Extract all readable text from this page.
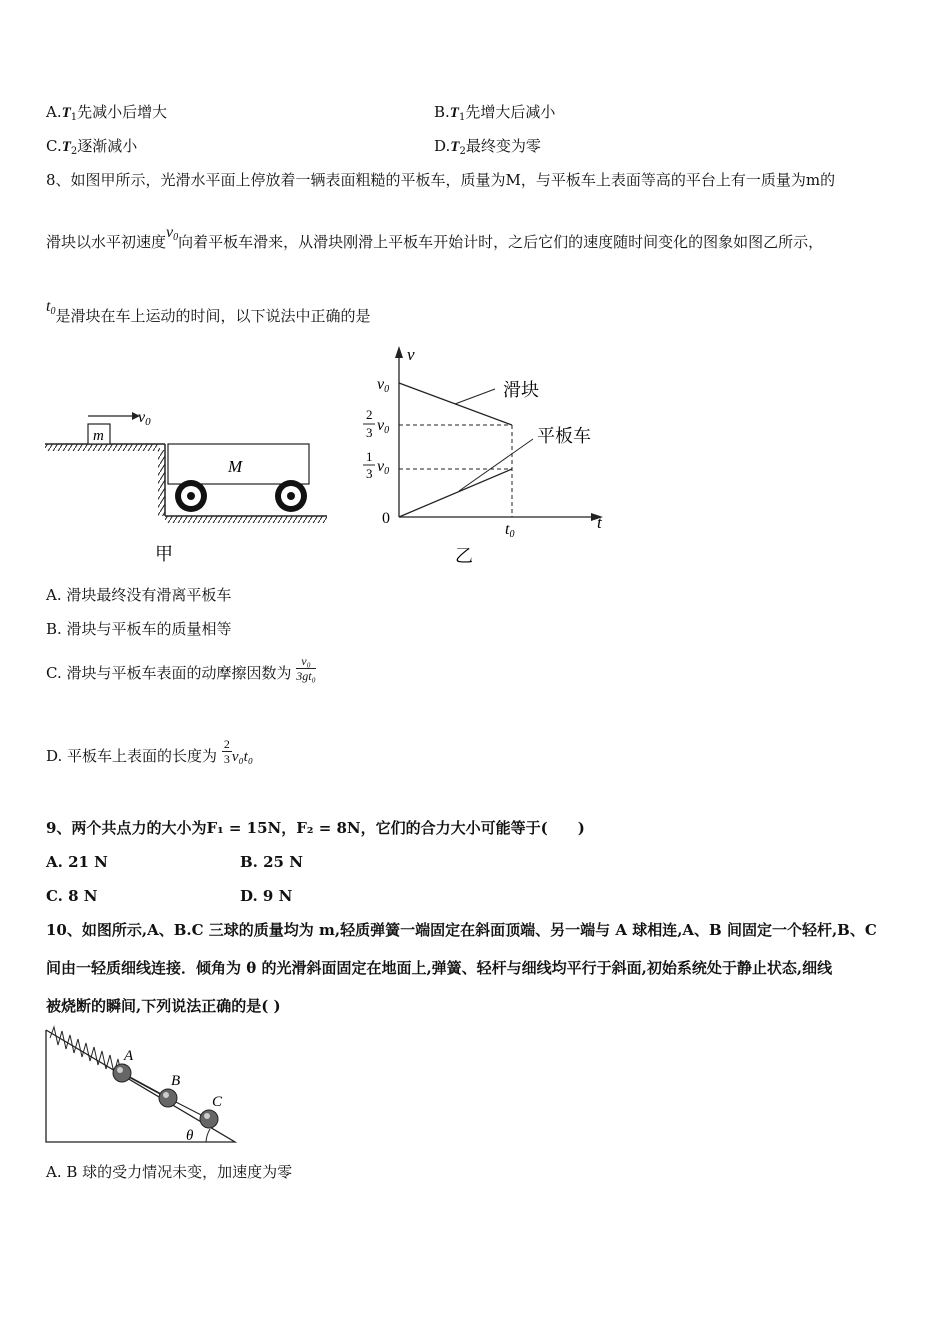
$A.T_1$先减小后增大	$B.T_1$先增大后减小
$C.T_2$逐渐减小	$D.T_2$最终变为零
8、如图甲所示，光滑水平面上停放着一辆表面粗糙的平板车，质量为M，与平板车上表面等高的平台上有一质量为m的
滑块以水平初速度$v_0$向着平板车滑来，从滑块刚滑上平板车开始计时，之后它们的速度随时间变化的图象如图乙所示，
$t_0$是滑块在车上运动的时间，以下说法中正确的是
m
v0
M
甲
v
t
0
v0
2
3 v0
1
3 v0
滑块
平板车
t0
乙
A. 滑块最终没有滑离平板车
B. 滑块与平板车的质量相等
C. 滑块与平板车表面的动摩擦因数为 $\frac{\text{v₀}}{\text{3gt₀}}$
D. 平板车上表面的长度为 $\frac{2}{3} v_0t_0$
9、两个共点力的大小为F₁ = 15N，F₂ = 8N，它们的合力大小可能等于(　　)
A. 21 N	B. 25 N
C. 8 N	D. 9 N
10、如图所示,A、B.C 三球的质量均为 m,轻质弹簧一端固定在斜面顶端、另一端与 A 球相连,A、B 间固定一个轻杆,B、C
间由一轻质细线连接．倾角为 θ 的光滑斜面固定在地面上,弹簧、轻杆与细线均平行于斜面,初始系统处于静止状态,细线
被烧断的瞬间,下列说法正确的是( )
A
B
C
θ
A. B 球的受力情况未变，加速度为零
